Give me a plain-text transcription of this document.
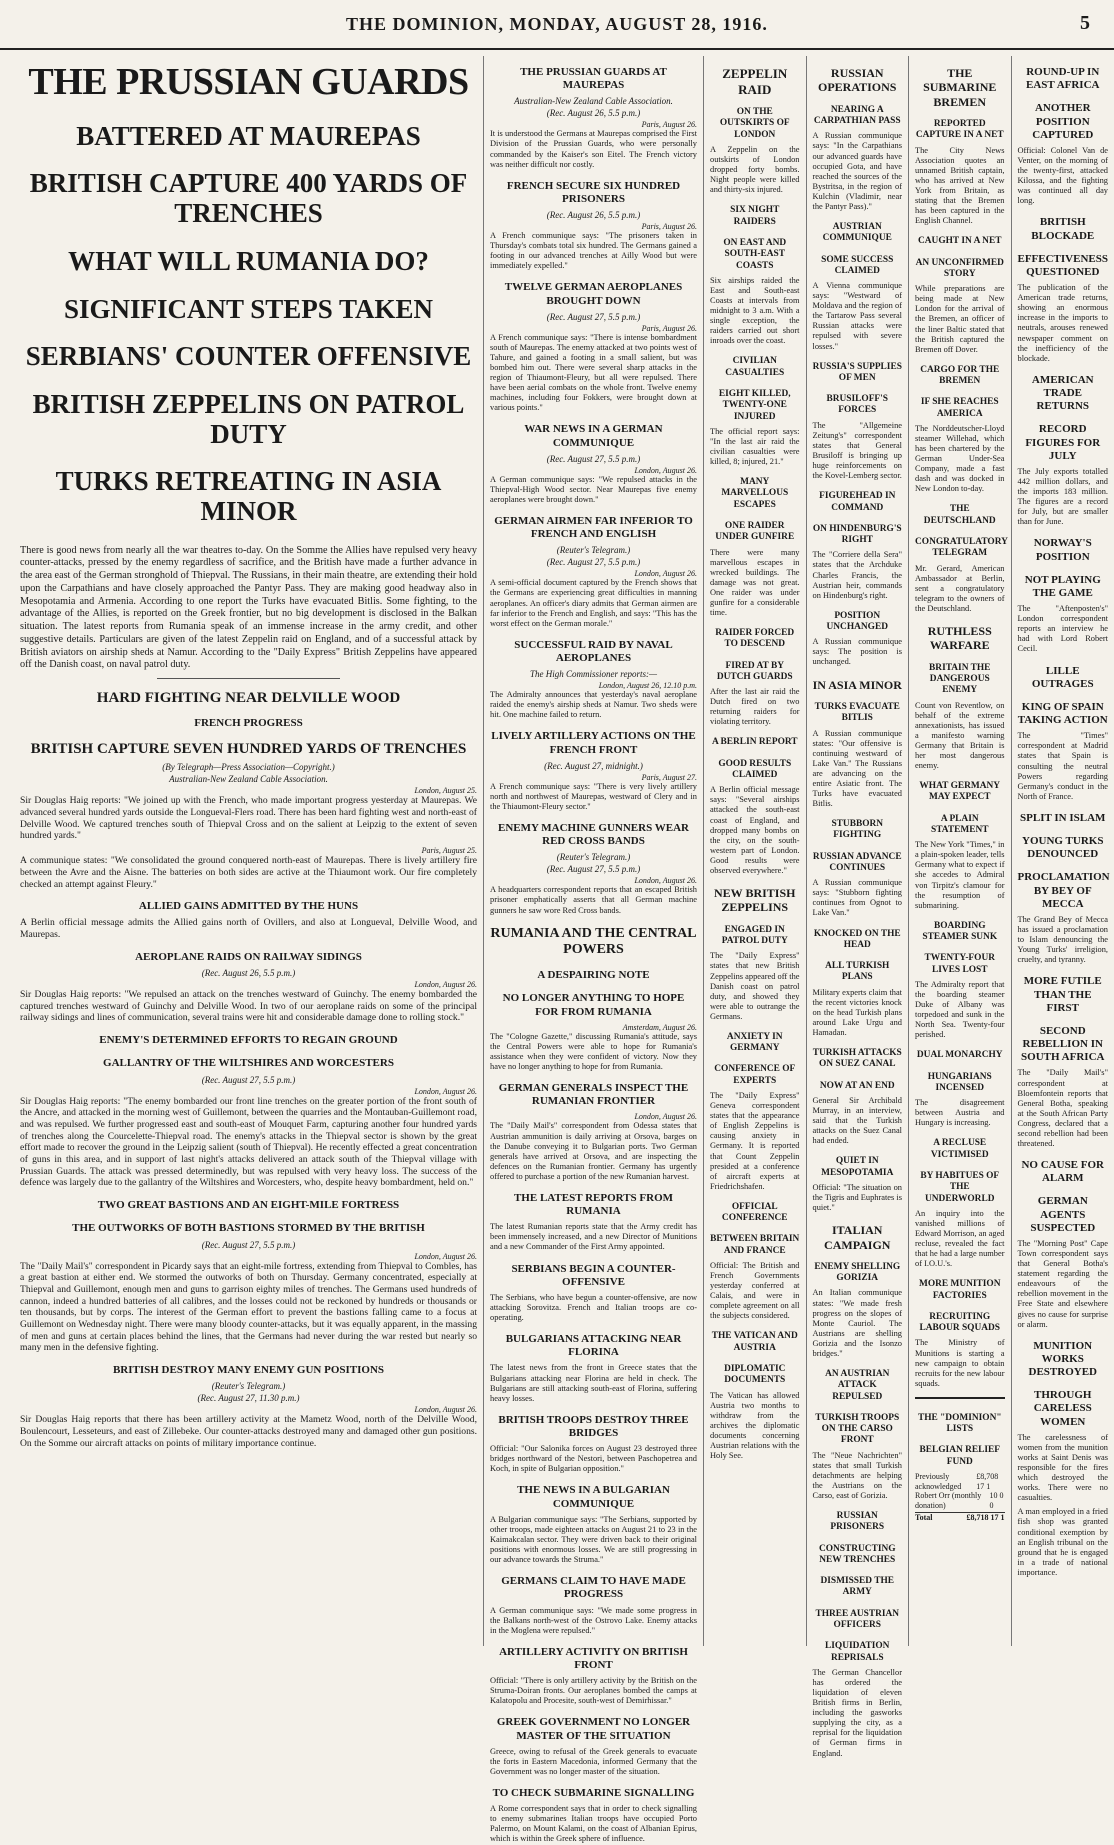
THE DOMINION, MONDAY, AUGUST 28, 1916.	5
THE PRUSSIAN GUARDS
BATTERED AT MAUREPAS
BRITISH CAPTURE 400 YARDS OF TRENCHES
WHAT WILL RUMANIA DO?
SIGNIFICANT STEPS TAKEN
SERBIANS' COUNTER OFFENSIVE
BRITISH ZEPPELINS ON PATROL DUTY
TURKS RETREATING IN ASIA MINOR

There is good news from nearly all the war theatres to-day. On the Somme the Allies have repulsed very heavy counter-attacks, pressed by the enemy regardless of sacrifice, and the British have made a further advance in the area east of the German stronghold of Thiepval. The Russians, in their main theatre, are extending their hold upon the Carpathians and have closely approached the Pantyr Pass. They are making good headway also in Mesopotamia and Armenia. According to one report the Turks have evacuated Bitlis. Some fighting, to the advantage of the Allies, is reported on the Greek frontier, but no big development is disclosed in the Balkan situation. The latest reports from Rumania speak of an immense increase in the army credit, and other suggestive details. Particulars are given of the latest Zeppelin raid on England, and of a successful attack by British aviators on airship sheds at Namur. According to the "Daily Express" British Zeppelins have appeared off the Danish coast, on naval patrol duty.

HARD FIGHTING NEAR DELVILLE WOOD
FRENCH PROGRESS
BRITISH CAPTURE SEVEN HUNDRED YARDS OF TRENCHES
(By Telegraph—Press Association—Copyright.)
Australian-New Zealand Cable Association.

London, August 25.

Sir Douglas Haig reports: "We joined up with the French, who made important progress yesterday at Maurepas. We advanced several hundred yards outside the Longueval-Flers road. There has been hard fighting west and north-east of Delville Wood. We captured trenches south of Thiepval Cross and on the salient at Leipzig to the extent of seven hundred yards."

Paris, August 25.

A communique states: "We consolidated the ground conquered north-east of Maurepas. There is lively artillery fire between the Avre and the Aisne. The batteries on both sides are active at the Thiaumont work. Our fire completely checked an attempt against Fleury."

ALLIED GAINS ADMITTED BY THE HUNS

A Berlin official message admits the Allied gains north of Ovillers, and also at Longueval, Delville Wood, and Maurepas.

AEROPLANE RAIDS ON RAILWAY SIDINGS
(Rec. August 26, 5.5 p.m.)

London, August 26.

Sir Douglas Haig reports: "We repulsed an attack on the trenches westward of Guinchy. The enemy bombarded the captured trenches westward of Guinchy and Delville Wood. In two of our aeroplane raids on some of the principal railway sidings and lines of communication, several trains were hit and considerable damage done to rolling stock."

ENEMY'S DETERMINED EFFORTS TO REGAIN GROUND
GALLANTRY OF THE WILTSHIRES AND WORCESTERS
(Rec. August 27, 5.5 p.m.)

London, August 26.

Sir Douglas Haig reports: "The enemy bombarded our front line trenches on the greater portion of the front south of the Ancre, and attacked in the morning west of Guillemont, between the quarries and the Montauban-Guillemont road, and was repulsed. We further progressed east and south-east of Mouquet Farm, capturing another four hundred yards of trenches along the Courcelette-Thiepval road. The enemy's attacks in the Thiepval sector is shown by the great effort made to recover the ground in the Leipzig salient (south of Thiepval). He recently effected a great concentration of guns in this area, and in support of last night's attacks delivered an attack south of the Thiepval village with Prussian Guards. The attack was pressed determinedly, but was repulsed with very heavy loss. The success of the defence was largely due to the gallantry of the Wiltshires and Worcesters, who, despite heavy bombardment, held on."

TWO GREAT BASTIONS AND AN EIGHT-MILE FORTRESS
THE OUTWORKS OF BOTH BASTIONS STORMED BY THE BRITISH
(Rec. August 27, 5.5 p.m.)

London, August 26.

The "Daily Mail's" correspondent in Picardy says that an eight-mile fortress, extending from Thiepval to Combles, has a great bastion at either end. We stormed the outworks of both on Thursday. Germany concentrated, especially at Thiepval and Guillemont, enough men and guns to garrison eighty miles of trenches. The Germans used hundreds of cannon, indeed a hundred batteries of all calibres, and the losses could not be reckoned by hundreds or thousands or ten thousands, but by corps. The interest of the German effort to prevent the bastions falling came to a focus at Guillemont on Wednesday night. There were many bloody counter-attacks, but it was equally apparent, in the massing of men and guns at certain places behind the lines, that the Germans had never during the war rested but nearly so many men in the defensive fighting.

BRITISH DESTROY MANY ENEMY GUN POSITIONS
(Reuter's Telegram.)
(Rec. August 27, 11.30 p.m.)

London, August 26.

Sir Douglas Haig reports that there has been artillery activity at the Mametz Wood, north of the Delville Wood, Boulencourt, Lesseteurs, and east of Zillebeke. Our counter-attacks destroyed many and damaged other gun positions. On the Somme our aircraft attacks on points of military importance continue.

THE PRUSSIAN GUARDS AT MAUREPAS
Australian-New Zealand Cable Association.
(Rec. August 26, 5.5 p.m.)

Paris, August 26.

It is understood the Germans at Maurepas comprised the First Division of the Prussian Guards, who were personally commanded by the Kaiser's son Eitel. The French victory was neither difficult nor costly.

FRENCH SECURE SIX HUNDRED PRISONERS
(Rec. August 26, 5.5 p.m.)

Paris, August 26.

A French communique says: "The prisoners taken in Thursday's combats total six hundred. The Germans gained a footing in our advanced trenches at Ailly Wood but were immediately expelled."

TWELVE GERMAN AEROPLANES BROUGHT DOWN
(Rec. August 27, 5.5 p.m.)

Paris, August 26.

A French communique says: "There is intense bombardment south of Maurepas. The enemy attacked at two points west of Tahure, and gained a footing in a small salient, but was bombed him out. There were several sharp attacks in the region of Thiaumont-Fleury, but all were repulsed. There have been aerial combats on the whole front. Twelve enemy machines, including four Fokkers, were brought down at various points."

WAR NEWS IN A GERMAN COMMUNIQUE
(Rec. August 27, 5.5 p.m.)

London, August 26.

A German communique says: "We repulsed attacks in the Thiepval-High Wood sector. Near Maurepas five enemy aeroplanes were brought down."

GERMAN AIRMEN FAR INFERIOR TO FRENCH AND ENGLISH
(Reuter's Telegram.)
(Rec. August 27, 5.5 p.m.)

London, August 26.

A semi-official document captured by the French shows that the Germans are experiencing great difficulties in manning aeroplanes. An officer's diary admits that German airmen are far inferior to the French and English, and says: "This has the worst effect on the German morale."

SUCCESSFUL RAID BY NAVAL AEROPLANES
The High Commissioner reports:—

London, August 26, 12.10 p.m.

The Admiralty announces that yesterday's naval aeroplane raided the enemy's airship sheds at Namur. Two sheds were hit. One machine failed to return.

LIVELY ARTILLERY ACTIONS ON THE FRENCH FRONT
(Rec. August 27, midnight.)

Paris, August 27.

A French communique says: "There is very lively artillery north and northwest of Maurepas, westward of Clery and in the Thiaumont-Fleury sector."

ENEMY MACHINE GUNNERS WEAR RED CROSS BANDS
(Reuter's Telegram.)
(Rec. August 27, 5.5 p.m.)

London, August 26.

A headquarters correspondent reports that an escaped British prisoner emphatically asserts that all German machine gunners he saw wore Red Cross bands.

RUMANIA AND THE CENTRAL POWERS
A DESPAIRING NOTE
NO LONGER ANYTHING TO HOPE FOR FROM RUMANIA

Amsterdam, August 26.

The "Cologne Gazette," discussing Rumania's attitude, says the Central Powers were able to hope for Rumania's assistance when they were confident of victory. Now they have no longer anything to hope for from Rumania.

GERMAN GENERALS INSPECT THE RUMANIAN FRONTIER

London, August 26.

The "Daily Mail's" correspondent from Odessa states that Austrian ammunition is daily arriving at Orsova, barges on the Danube conveying it to Bulgarian ports. Two German generals have arrived at Orsova, and are inspecting the defences on the Rumanian frontier. Germany has urgently offered to purchase a portion of the new Rumanian harvest.

THE LATEST REPORTS FROM RUMANIA

The latest Rumanian reports state that the Army credit has been immensely increased, and a new Director of Munitions and a new Commander of the First Army appointed.

SERBIANS BEGIN A COUNTER-OFFENSIVE

The Serbians, who have begun a counter-offensive, are now attacking Sorovitza. French and Italian troops are co-operating.

BULGARIANS ATTACKING NEAR FLORINA

The latest news from the front in Greece states that the Bulgarians attacking near Florina are held in check. The Bulgarians are still attacking south-east of Florina, suffering heavy losses.

BRITISH TROOPS DESTROY THREE BRIDGES

Official: "Our Salonika forces on August 23 destroyed three bridges northward of the Nestori, between Paschopetrea and Koch, in spite of Bulgarian opposition."

THE NEWS IN A BULGARIAN COMMUNIQUE

A Bulgarian communique says: "The Serbians, supported by other troops, made eighteen attacks on August 21 to 23 in the Kaimakcalan sector. They were driven back to their original positions with enormous losses. We are still progressing in our advance towards the Struma."

GERMANS CLAIM TO HAVE MADE PROGRESS

A German communique says: "We made some progress in the Balkans north-west of the Ostrovo Lake. Enemy attacks in the Moglena were repulsed."

ARTILLERY ACTIVITY ON BRITISH FRONT

Official: "There is only artillery activity by the British on the Struma-Doiran fronts. Our aeroplanes bombed the camps at Kalatopolu and Procesite, south-west of Demirhissar."

GREEK GOVERNMENT NO LONGER MASTER OF THE SITUATION

Greece, owing to refusal of the Greek generals to evacuate the forts in Eastern Macedonia, informed Germany that the Government was no longer master of the situation.

TO CHECK SUBMARINE SIGNALLING

A Rome correspondent says that in order to check signalling to enemy submarines Italian troops have occupied Porto Palermo, on Mount Kalami, on the coast of Albanian Epirus, which is within the Greek sphere of influence.

ZEPPELIN RAID
ON THE OUTSKIRTS OF LONDON

A Zeppelin on the outskirts of London dropped forty bombs. Night people were killed and thirty-six injured.

SIX NIGHT RAIDERS
ON EAST AND SOUTH-EAST COASTS

Six airships raided the East and South-east Coasts at intervals from midnight to 3 a.m. With a single exception, the raiders carried out short inroads over the coast.

CIVILIAN CASUALTIES
EIGHT KILLED, TWENTY-ONE INJURED

The official report says: "In the last air raid the civilian casualties were killed, 8; injured, 21."

MANY MARVELLOUS ESCAPES
ONE RAIDER UNDER GUNFIRE

There were many marvellous escapes in wrecked buildings. The damage was not great. One raider was under gunfire for a considerable time.

RAIDER FORCED TO DESCEND
FIRED AT BY DUTCH GUARDS

After the last air raid the Dutch fired on two returning raiders for violating territory.

A BERLIN REPORT
GOOD RESULTS CLAIMED

A Berlin official message says: "Several airships attacked the south-east coast of England, and dropped many bombs on the city, on the south-western part of London. Good results were observed everywhere."

NEW BRITISH ZEPPELINS
ENGAGED IN PATROL DUTY

The "Daily Express" states that new British Zeppelins appeared off the Danish coast on patrol duty, and showed they were able to outrange the Germans.

ANXIETY IN GERMANY
CONFERENCE OF EXPERTS

The "Daily Express" Geneva correspondent states that the appearance of English Zeppelins is causing anxiety in Germany. It is reported that Count Zeppelin presided at a conference of aircraft experts at Friedrichshafen.

OFFICIAL CONFERENCE
BETWEEN BRITAIN AND FRANCE

Official: The British and French Governments yesterday conferred at Calais, and were in complete agreement on all the subjects considered.

THE VATICAN AND AUSTRIA
DIPLOMATIC DOCUMENTS

The Vatican has allowed Austria two months to withdraw from the archives the diplomatic documents concerning Austrian relations with the Holy See.

RUSSIAN OPERATIONS
NEARING A CARPATHIAN PASS

A Russian communique says: "In the Carpathians our advanced guards have occupied Gota, and have reached the sources of the Bystritsa, in the region of Kulchin (Vladimir, near the Pantyr Pass)."

AUSTRIAN COMMUNIQUE
SOME SUCCESS CLAIMED

A Vienna communique says: "Westward of Moldava and the region of the Tartarow Pass several Russian attacks were repulsed with severe losses."

RUSSIA'S SUPPLIES OF MEN
BRUSILOFF'S FORCES

The "Allgemeine Zeitung's" correspondent states that General Brusiloff is bringing up huge reinforcements on the Kovel-Lemberg sector.

FIGUREHEAD IN COMMAND
ON HINDENBURG'S RIGHT

The "Corriere della Sera" states that the Archduke Charles Francis, the Austrian heir, commands on Hindenburg's right.

POSITION UNCHANGED

A Russian communique says: The position is unchanged.

IN ASIA MINOR
TURKS EVACUATE BITLIS

A Russian communique states: "Our offensive is continuing westward of Lake Van." The Russians are advancing on the entire Asiatic front. The Turks have evacuated Bitlis.

STUBBORN FIGHTING
RUSSIAN ADVANCE CONTINUES

A Russian communique says: "Stubborn fighting continues from Ognot to Lake Van."

KNOCKED ON THE HEAD
ALL TURKISH PLANS

Military experts claim that the recent victories knock on the head Turkish plans around Lake Urgu and Hamadan.

TURKISH ATTACKS ON SUEZ CANAL
NOW AT AN END

General Sir Archibald Murray, in an interview, said that the Turkish attacks on the Suez Canal had ended.

QUIET IN MESOPOTAMIA

Official: "The situation on the Tigris and Euphrates is quiet."

ITALIAN CAMPAIGN
ENEMY SHELLING GORIZIA

An Italian communique states: "We made fresh progress on the slopes of Monte Cauriol. The Austrians are shelling Gorizia and the Isonzo bridges."

AN AUSTRIAN ATTACK REPULSED
TURKISH TROOPS ON THE CARSO FRONT

The "Neue Nachrichten" states that small Turkish detachments are helping the Austrians on the Carso, east of Gorizia.

RUSSIAN PRISONERS
CONSTRUCTING NEW TRENCHES
DISMISSED THE ARMY
THREE AUSTRIAN OFFICERS
LIQUIDATION REPRISALS

The German Chancellor has ordered the liquidation of eleven British firms in Berlin, including the gasworks supplying the city, as a reprisal for the liquidation of German firms in England.

THE SUBMARINE BREMEN
REPORTED CAPTURE IN A NET

The City News Association quotes an unnamed British captain, who has arrived at New York from Britain, as stating that the Bremen has been captured in the English Channel.

CAUGHT IN A NET
AN UNCONFIRMED STORY

While preparations are being made at New London for the arrival of the Bremen, an officer of the liner Baltic stated that the British captured the Bremen off Dover.

CARGO FOR THE BREMEN
IF SHE REACHES AMERICA

The Norddeutscher-Lloyd steamer Willehad, which has been chartered by the German Under-Sea Company, made a fast dash and was docked in New London to-day.

THE DEUTSCHLAND
CONGRATULATORY TELEGRAM

Mr. Gerard, American Ambassador at Berlin, sent a congratulatory telegram to the owners of the Deutschland.

RUTHLESS WARFARE
BRITAIN THE DANGEROUS ENEMY

Count von Reventlow, on behalf of the extreme annexationists, has issued a manifesto warning Germany that Britain is her most dangerous enemy.

WHAT GERMANY MAY EXPECT
A PLAIN STATEMENT

The New York "Times," in a plain-spoken leader, tells Germany what to expect if she accedes to Admiral von Tirpitz's clamour for the resumption of submarining.

BOARDING STEAMER SUNK
TWENTY-FOUR LIVES LOST

The Admiralty report that the boarding steamer Duke of Albany was torpedoed and sunk in the North Sea. Twenty-four perished.

DUAL MONARCHY
HUNGARIANS INCENSED

The disagreement between Austria and Hungary is increasing.

A RECLUSE VICTIMISED
BY HABITUES OF THE UNDERWORLD

An inquiry into the vanished millions of Edward Morrison, an aged recluse, revealed the fact that he had a large number of I.O.U.'s.

MORE MUNITION FACTORIES
RECRUITING LABOUR SQUADS

The Ministry of Munitions is starting a new campaign to obtain recruits for the new labour squads.

THE "DOMINION" LISTS
BELGIAN RELIEF FUND
Previously acknowledged
£8,708 17 1
Robert Orr (monthly donation)
10 0 0
Total	£8,718 17 1
ROUND-UP IN EAST AFRICA
ANOTHER POSITION CAPTURED

Official: Colonel Van de Venter, on the morning of the twenty-first, attacked Kilossa, and the fighting was continued all day long.

BRITISH BLOCKADE
EFFECTIVENESS QUESTIONED

The publication of the American trade returns, showing an enormous increase in the imports to neutrals, arouses renewed newspaper comment on the inefficiency of the blockade.

AMERICAN TRADE RETURNS
RECORD FIGURES FOR JULY

The July exports totalled 442 million dollars, and the imports 183 million. The figures are a record for July, but are smaller than for June.

NORWAY'S POSITION
NOT PLAYING THE GAME

The "Aftenposten's" London correspondent reports an interview he had with Lord Robert Cecil.

LILLE OUTRAGES
KING OF SPAIN TAKING ACTION

The "Times" correspondent at Madrid states that Spain is consulting the neutral Powers regarding Germany's conduct in the North of France.

SPLIT IN ISLAM
YOUNG TURKS DENOUNCED
PROCLAMATION BY BEY OF MECCA

The Grand Bey of Mecca has issued a proclamation to Islam denouncing the Young Turks' irreligion, cruelty, and tyranny.

MORE FUTILE THAN THE FIRST
SECOND REBELLION IN SOUTH AFRICA

The "Daily Mail's" correspondent at Bloemfontein reports that General Botha, speaking at the South African Party Congress, declared that a second rebellion had been threatened.

NO CAUSE FOR ALARM
GERMAN AGENTS SUSPECTED

The "Morning Post" Cape Town correspondent says that General Botha's statement regarding the endeavours of the rebellion movement in the Free State and elsewhere gives no cause for surprise or alarm.

MUNITION WORKS DESTROYED
THROUGH CARELESS WOMEN

The carelessness of women from the munition works at Saint Denis was responsible for the fires which destroyed the works. There were no casualties.

A man employed in a fried fish shop was granted conditional exemption by an English tribunal on the ground that he is engaged in a trade of national importance.
